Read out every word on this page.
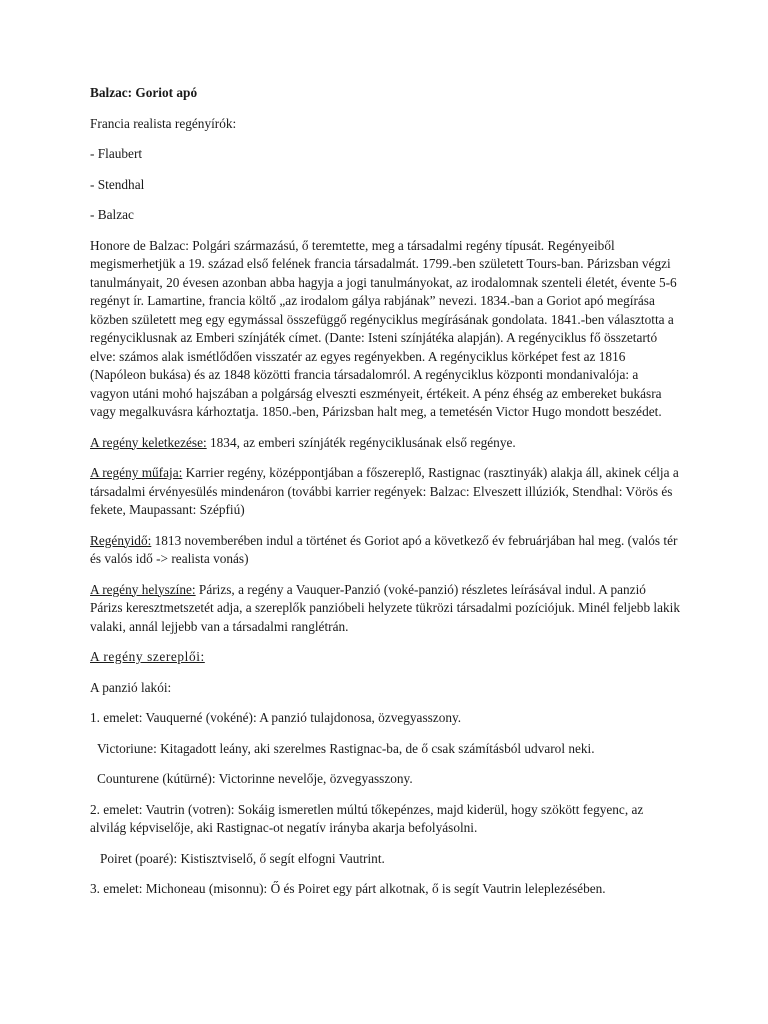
Balzac: Goriot apó
Francia realista regényírók:
- Flaubert
- Stendhal
- Balzac
Honore de Balzac: Polgári származású, ő teremtette, meg a társadalmi regény típusát. Regényeiből megismerhetjük a 19. század első felének francia társadalmát. 1799.-ben született Tours-ban. Párizsban végzi tanulmányait, 20 évesen azonban abba hagyja a jogi tanulmányokat, az irodalomnak szenteli életét, évente 5-6 regényt ír. Lamartine, francia költő „az irodalom gálya rabjának” nevezi. 1834.-ban a Goriot apó megírása közben született meg egy egymással összefüggő regényciklus megírásának gondolata. 1841.-ben választotta a regényciklusnak az Emberi színjáték címet. (Dante: Isteni színjátéka alapján). A regényciklus fő összetartó elve: számos alak ismétlődően visszatér az egyes regényekben. A regényciklus körképet fest az 1816 (Napóleon bukása) és az 1848 közötti francia társadalomról. A regényciklus központi mondanivalója: a vagyon utáni mohó hajszában a polgárság elveszti eszményeit, értékeit. A pénz éhség az embereket bukásra vagy megalkuvásra kárhoztatja. 1850.-ben, Párizsban halt meg, a temetésén Victor Hugo mondott beszédet.
A regény keletkezése: 1834, az emberi színjáték regényciklusának első regénye.
A regény műfaja: Karrier regény, középpontjában a főszereplő, Rastignac (rasztinyák) alakja áll, akinek célja a társadalmi érvényesülés mindenáron (további karrier regények: Balzac: Elveszett illúziók, Stendhal: Vörös és fekete, Maupassant: Szépfiú)
Regényidő: 1813 novemberében indul a történet és Goriot apó a következő év februárjában hal meg. (valós tér és valós idő -> realista vonás)
A regény helyszíne: Párizs, a regény a Vauquer-Panzió (voké-panzió) részletes leírásával indul. A panzió Párizs keresztmetszetét adja, a szereplők panzióbeli helyzete tükrözi társadalmi pozíciójuk. Minél feljebb lakik valaki, annál lejjebb van a társadalmi ranglétrán.
A regény szereplői:
A panzió lakói:
1. emelet: Vauquerné (vokéné): A panzió tulajdonosa, özvegyasszony.
Victoriune: Kitagadott leány, aki szerelmes Rastignac-ba, de ő csak számításból udvarol neki.
Counturene (kútürné): Victorinne nevelője, özvegyasszony.
2. emelet: Vautrin (votren): Sokáig ismeretlen múltú tőkepénzes, majd kiderül, hogy szökött fegyenc, az alvilág képviselője, aki Rastignac-ot negatív irányba akarja befolyásolni.
Poiret (poaré): Kistisztviselő, ő segít elfogni Vautrint.
3. emelet: Michoneau (misonnu): Ő és Poiret egy párt alkotnak, ő is segít Vautrin leleplezésében.
